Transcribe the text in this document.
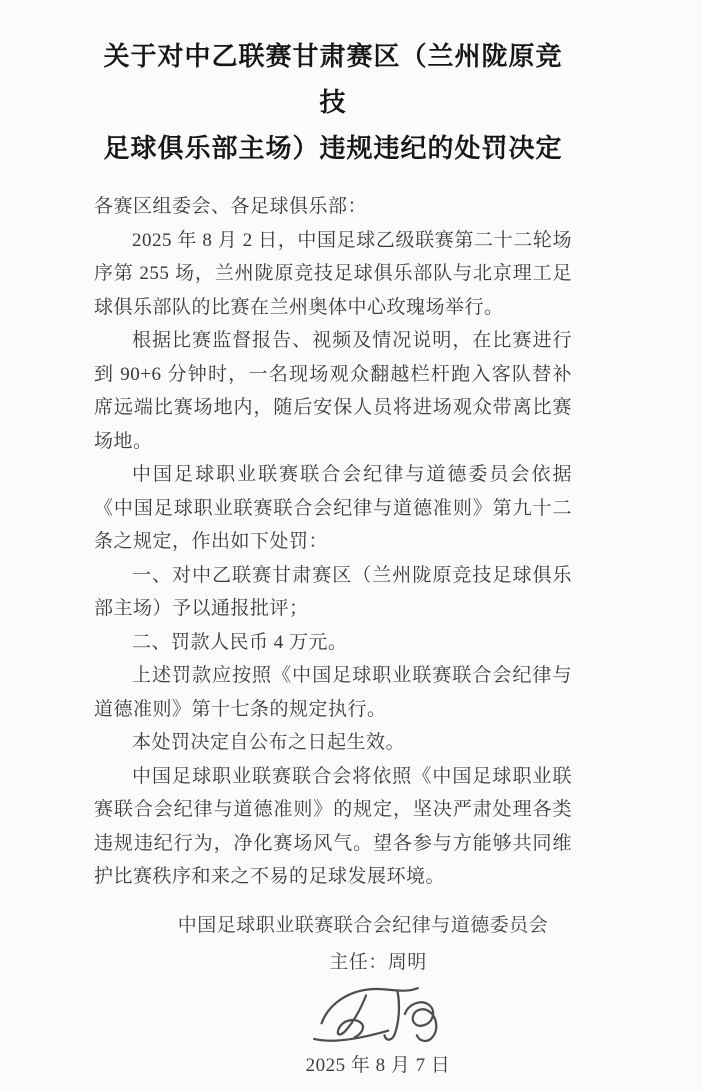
关于对中乙联赛甘肃赛区（兰州陇原竞技
足球俱乐部主场）违规违纪的处罚决定

各赛区组委会、各足球俱乐部：

2025 年 8 月 2 日，中国足球乙级联赛第二十二轮场序第 255 场，兰州陇原竞技足球俱乐部队与北京理工足球俱乐部队的比赛在兰州奥体中心玫瑰场举行。

根据比赛监督报告、视频及情况说明，在比赛进行到 90+6 分钟时，一名现场观众翻越栏杆跑入客队替补席远端比赛场地内，随后安保人员将进场观众带离比赛场地。

中国足球职业联赛联合会纪律与道德委员会依据《中国足球职业联赛联合会纪律与道德准则》第九十二条之规定，作出如下处罚：

一、对中乙联赛甘肃赛区（兰州陇原竞技足球俱乐部主场）予以通报批评；

二、罚款人民币 4 万元。

上述罚款应按照《中国足球职业联赛联合会纪律与道德准则》第十七条的规定执行。

本处罚决定自公布之日起生效。

中国足球职业联赛联合会将依照《中国足球职业联赛联合会纪律与道德准则》的规定，坚决严肃处理各类违规违纪行为，净化赛场风气。望各参与方能够共同维护比赛秩序和来之不易的足球发展环境。

中国足球职业联赛联合会纪律与道德委员会
主任：周明
2025 年 8 月 7 日
